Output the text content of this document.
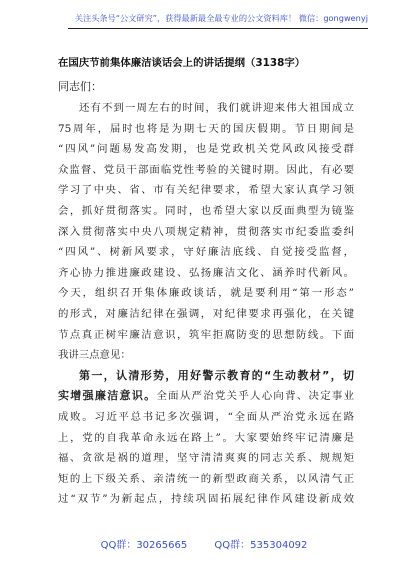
关注头条号“公文研究”，获得最新最全最专业的公文资料库！ 微信：gongwenyj
在国庆节前集体廉洁谈话会上的讲话提纲（3138字）
同志们：
还有不到一周左右的时间，我们就讲迎来伟大祖国成立
75周年，届时也将是为期七天的国庆假期。节日期间是
“四风”问题易发高发期，也是党政机关党风政风接受群
众监督、党员干部面临党性考验的关键时期。因此，有必要
学习了中央、省、市有关纪律要求，希望大家认真学习领
会，抓好贯彻落实。同时，也希望大家以反面典型为镜鉴
深入贯彻落实中央八项规定精神，贯彻落实市纪委监委纠
“四风”、树新风要求，守好廉洁底线、自觉接受监督，
齐心协力推进廉政建设、弘扬廉洁文化、涵养时代新风。
今天，组织召开集体廉政谈话，就是要利用“第一形态”
的形式，对廉洁纪律在强调，对纪律要求再强化，在关键
节点真正树牢廉洁意识，筑牢拒腐防变的思想防线。下面
我讲三点意见：
第一，认清形势，用好警示教育的“生动教材”，切
实增强廉洁意识。全面从严治党关乎人心向背、决定事业
成败。习近平总书记多次强调，“全面从严治党永远在路
上，党的自我革命永远在路上”。大家要始终牢记清廉是
福、贪欲是祸的道理，坚守清清爽爽的同志关系、规规矩
矩的上下级关系、亲清统一的新型政商关系，以风清气正
过“双节”为新起点，持续巩固拓展纪律作风建设新成效
QQ群：30265665	QQ群：535304092
